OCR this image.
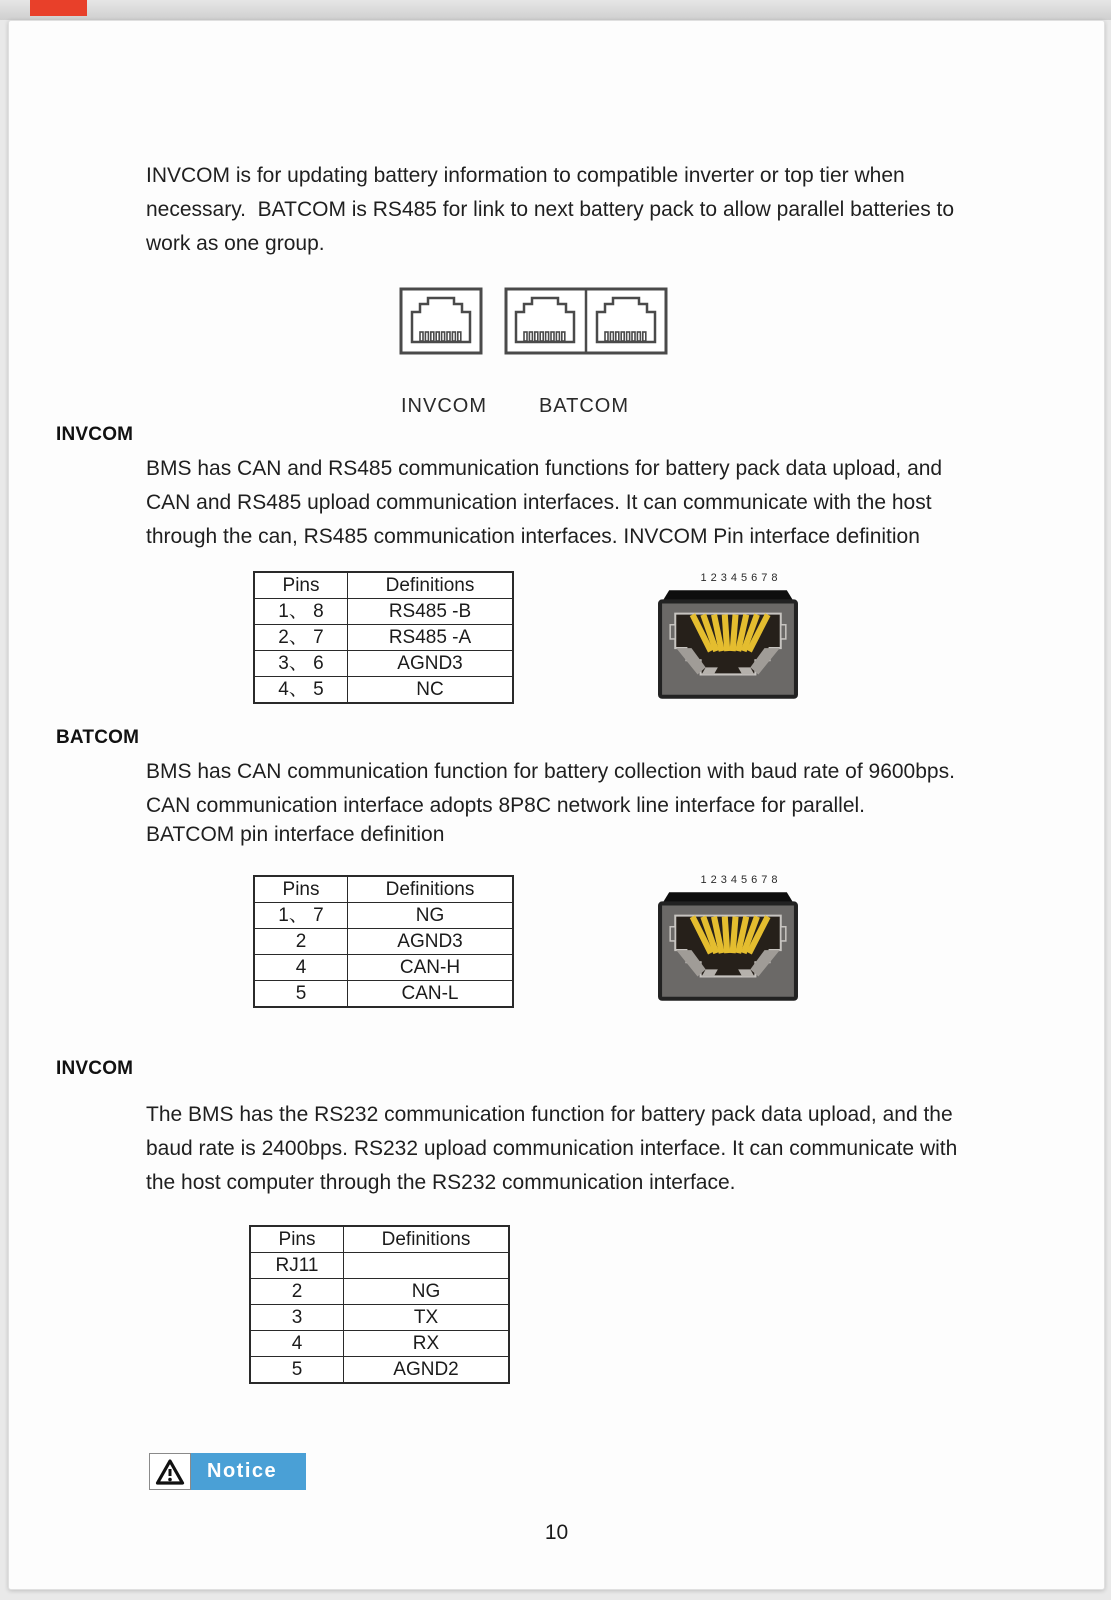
INVCOM is for updating battery information to compatible inverter or top tier when
necessary.  BATCOM is RS485 for link to next battery pack to allow parallel batteries to
work as one group.
INVCOM	BATCOM
INVCOM
BMS has CAN and RS485 communication functions for battery pack data upload, and
CAN and RS485 upload communication interfaces. It can communicate with the host
through the can, RS485 communication interfaces. INVCOM Pin interface definition
Pins	Definitions
1、 8	RS485 -B
2、 7	RS485 -A
3、 6	AGND3
4、 5	NC
12345678
BATCOM
BMS has CAN communication function for battery collection with baud rate of 9600bps.
CAN communication interface adopts 8P8C network line interface for parallel.
BATCOM pin interface definition
Pins	Definitions
1、 7	NG
2	AGND3
4	CAN-H
5	CAN-L
12345678
INVCOM
The BMS has the RS232 communication function for battery pack data upload, and the
baud rate is 2400bps. RS232 upload communication interface. It can communicate with
the host computer through the RS232 communication interface.
Pins	Definitions
RJ11	
2	NG
3	TX
4	RX
5	AGND2
Notice
10
